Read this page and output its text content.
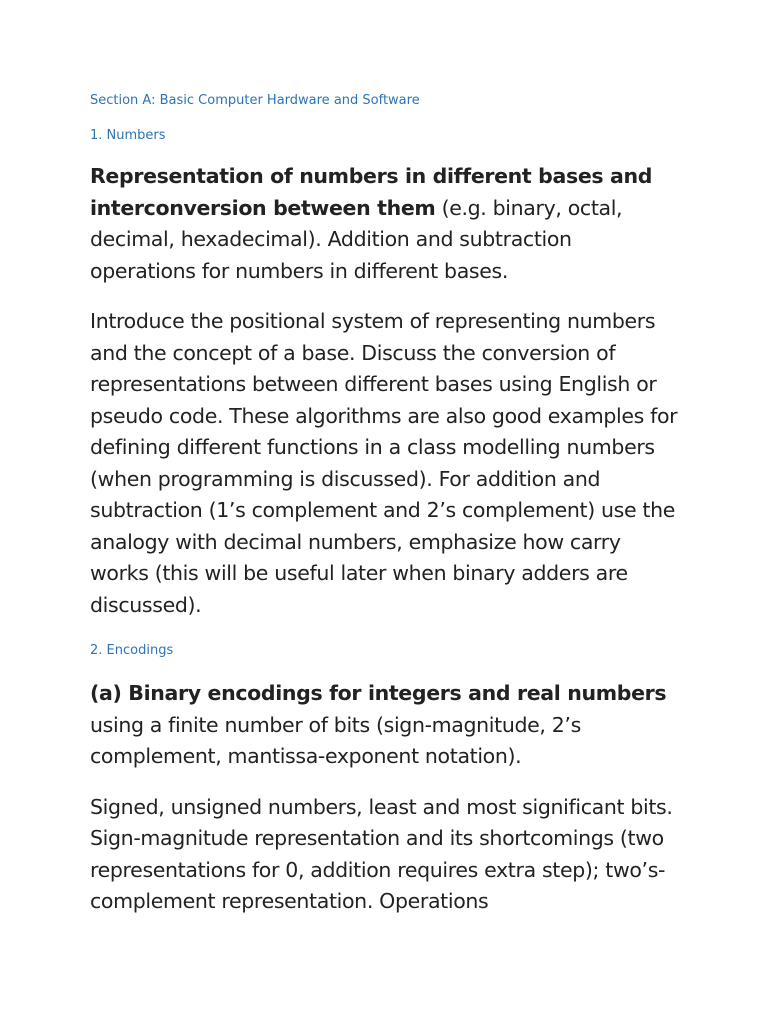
Section A: Basic Computer Hardware and Software

1. Numbers

Representation of numbers in different bases and interconversion between them (e.g. binary, octal, decimal, hexadecimal). Addition and subtraction operations for numbers in different bases.

Introduce the positional system of representing numbers and the concept of a base. Discuss the conversion of representations between different bases using English or pseudo code. These algorithms are also good examples for defining different functions in a class modelling numbers (when programming is discussed). For addition and subtraction (1’s complement and 2’s complement) use the analogy with decimal numbers, emphasize how carry works (this will be useful later when binary adders are discussed).

2. Encodings

(a) Binary encodings for integers and real numbers using a finite number of bits (sign-magnitude, 2’s complement, mantissa-exponent notation).

Signed, unsigned numbers, least and most significant bits. Sign-magnitude representation and its shortcomings (two representations for 0, addition requires extra step); two’s-complement representation. Operations
